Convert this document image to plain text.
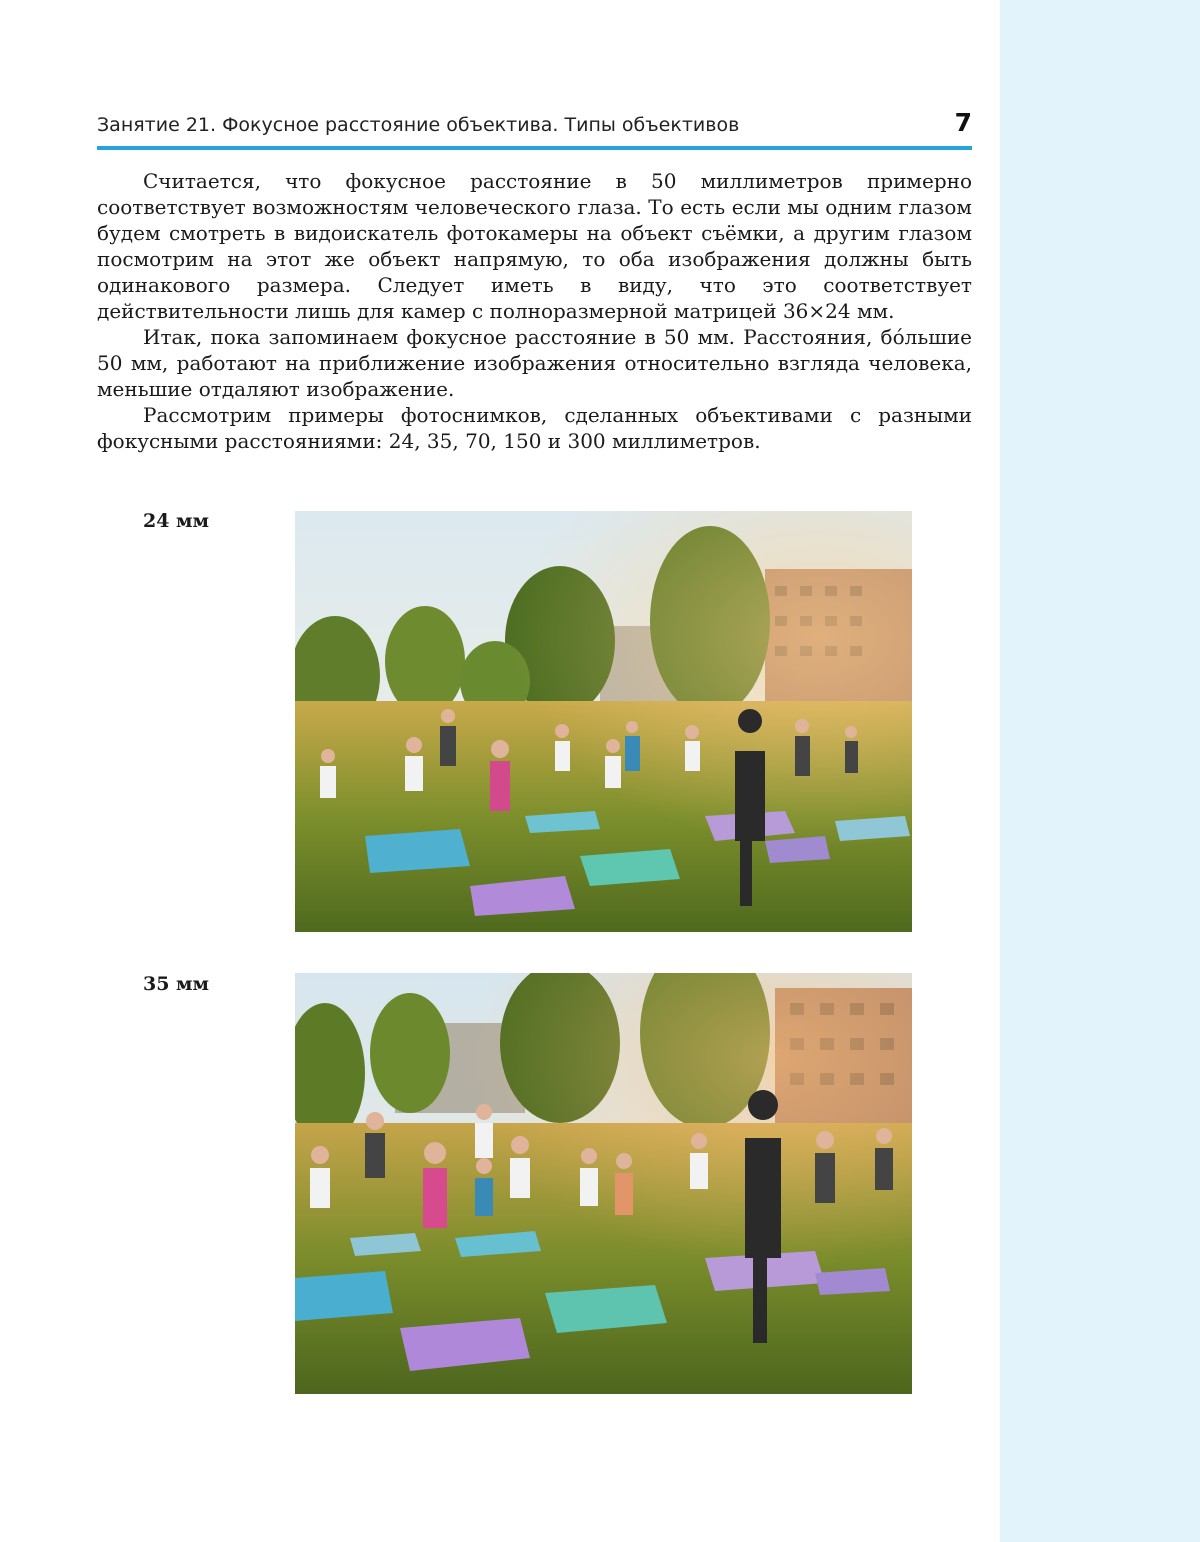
Занятие 21. Фокусное расстояние объектива. Типы объективов	7

Считается, что фокусное расстояние в 50 миллиметров примерно соответствует возможностям человеческого глаза. То есть если мы одним глазом будем смотреть в видоискатель фотокамеры на объект съёмки, а другим глазом посмотрим на этот же объект напрямую, то оба изображения должны быть одинакового размера. Следует иметь в виду, что это соответствует действительности лишь для камер с полноразмерной матрицей 36×24 мм.

Итак, пока запоминаем фокусное расстояние в 50 мм. Расстояния, бóльшие 50 мм, работают на приближение изображения относительно взгляда человека, меньшие отдаляют изображение.

Рассмотрим примеры фотоснимков, сделанных объективами с разными фокусными расстояниями: 24, 35, 70, 150 и 300 миллиметров.

24 мм
35 мм
